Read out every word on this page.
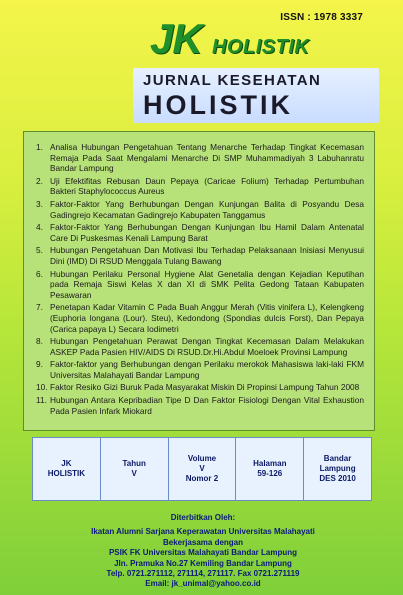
ISSN : 1978 3337
JK HOLISTIK
JURNAL KESEHATAN
HOLISTIK
1. Analisa Hubungan Pengetahuan Tentang Menarche Terhadap Tingkat Kecemasan Remaja Pada Saat Mengalami Menarche Di SMP Muhammadiyah 3 Labuhanratu Bandar Lampung
2. Uji Efektifitas Rebusan Daun Pepaya (Caricae Folium) Terhadap Pertumbuhan Bakteri Staphylococcus Aureus
3. Faktor-Faktor Yang Berhubungan Dengan Kunjungan Balita di Posyandu Desa Gadingrejo Kecamatan Gadingrejo Kabupaten Tanggamus
4. Faktor-Faktor Yang Berhubungan Dengan Kunjungan Ibu Hamil Dalam Antenatal Care Di Puskesmas Kenali Lampung Barat
5. Hubungan Pengetahuan Dan Motivasi Ibu Terhadap Pelaksanaan Inisiasi Menyusui Dini (IMD) Di RSUD Menggala Tulang Bawang
6. Hubungan Perilaku Personal Hygiene Alat Genetalia dengan Kejadian Keputihan pada Remaja Siswi Kelas X dan XI di SMK Pelita Gedong Tataan Kabupaten Pesawaran
7. Penetapan Kadar Vitamin C Pada Buah Anggur Merah (Vitis vinifera L), Kelengkeng (Euphoria longana (Lour). Steu), Kedondong (Spondias dulcis Forst), Dan Pepaya (Carica papaya L) Secara Iodimetri
8. Hubungan Pengetahuan Perawat Dengan Tingkat Kecemasan Dalam Melakukan ASKEP Pada Pasien HIV/AIDS Di RSUD.Dr.Hi.Abdul Moeloek Provinsi Lampung
9. Faktor-faktor yang Berhubungan dengan Perilaku merokok Mahasiswa laki-laki FKM Universitas Malahayati Bandar Lampung
10. Faktor Resiko Gizi Buruk Pada Masyarakat Miskin Di Propinsi Lampung Tahun 2008
11. Hubungan Antara Kepribadian Tipe D Dan Faktor Fisiologi Dengan Vital Exhaustion Pada Pasien Infark Miokard
JK
HOLISTIK
Tahun
V
Volume
V
Nomor 2
Halaman
59-126
Bandar
Lampung
DES 2010
Diterbitkan Oleh:
Ikatan Alumni Sarjana Keperawatan Universitas Malahayati
Bekerjasama dengan
PSIK FK Universitas Malahayati Bandar Lampung
Jln. Pramuka No.27 Kemiling Bandar Lampung
Telp. 0721.271112, 271114, 271117. Fax 0721.271119
Email: jk_unimal@yahoo.co.id
